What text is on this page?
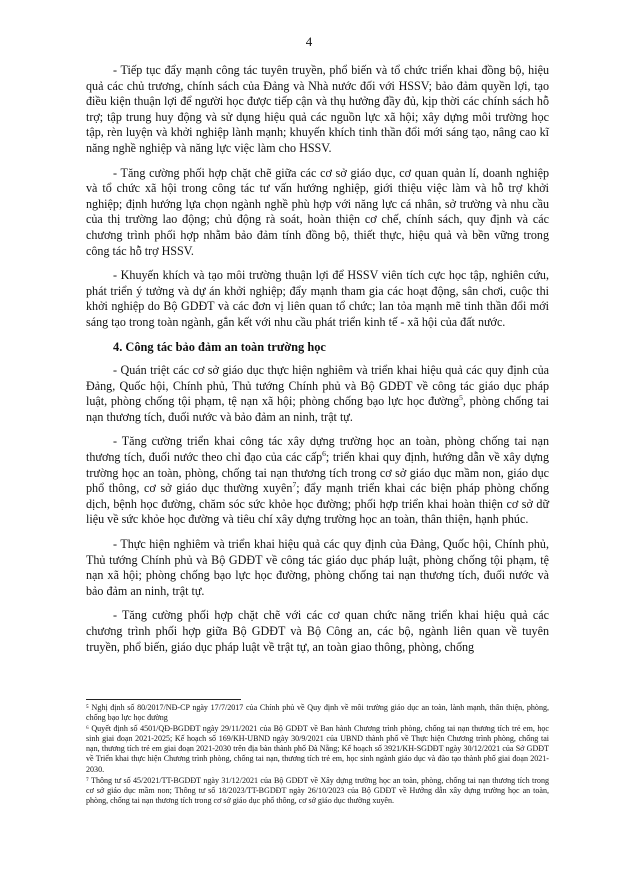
4

- Tiếp tục đẩy mạnh công tác tuyên truyền, phổ biến và tổ chức triển khai đồng bộ, hiệu quả các chủ trương, chính sách của Đảng và Nhà nước đối với HSSV; bảo đảm quyền lợi, tạo điều kiện thuận lợi để người học được tiếp cận và thụ hưởng đầy đủ, kịp thời các chính sách hỗ trợ; tập trung huy động và sử dụng hiệu quả các nguồn lực xã hội; xây dựng môi trường học tập, rèn luyện và khởi nghiệp lành mạnh; khuyến khích tinh thần đổi mới sáng tạo, nâng cao kĩ năng nghề nghiệp và năng lực việc làm cho HSSV.

- Tăng cường phối hợp chặt chẽ giữa các cơ sở giáo dục, cơ quan quản lí, doanh nghiệp và tổ chức xã hội trong công tác tư vấn hướng nghiệp, giới thiệu việc làm và hỗ trợ khởi nghiệp; định hướng lựa chọn ngành nghề phù hợp với năng lực cá nhân, sở trường và nhu cầu của thị trường lao động; chủ động rà soát, hoàn thiện cơ chế, chính sách, quy định và các chương trình phối hợp nhằm bảo đảm tính đồng bộ, thiết thực, hiệu quả và bền vững trong công tác hỗ trợ HSSV.

- Khuyến khích và tạo môi trường thuận lợi để HSSV viên tích cực học tập, nghiên cứu, phát triển ý tưởng và dự án khởi nghiệp; đẩy mạnh tham gia các hoạt động, sân chơi, cuộc thi khởi nghiệp do Bộ GDĐT và các đơn vị liên quan tổ chức; lan tỏa mạnh mẽ tinh thần đổi mới sáng tạo trong toàn ngành, gắn kết với nhu cầu phát triển kinh tế - xã hội của đất nước.

4. Công tác bảo đảm an toàn trường học

- Quán triệt các cơ sở giáo dục thực hiện nghiêm và triển khai hiệu quả các quy định của Đảng, Quốc hội, Chính phủ, Thủ tướng Chính phủ và Bộ GDĐT về công tác giáo dục pháp luật, phòng chống tội phạm, tệ nạn xã hội; phòng chống bạo lực học đường$^5$, phòng chống tai nạn thương tích, đuối nước và bảo đảm an ninh, trật tự.

- Tăng cường triển khai công tác xây dựng trường học an toàn, phòng chống tai nạn thương tích, đuối nước theo chỉ đạo của các cấp$^6$; triển khai quy định, hướng dẫn về xây dựng trường học an toàn, phòng, chống tai nạn thương tích trong cơ sở giáo dục mầm non, giáo dục phổ thông, cơ sở giáo dục thường xuyên$^7$; đẩy mạnh triển khai các biện pháp phòng chống dịch, bệnh học đường, chăm sóc sức khỏe học đường; phối hợp triển khai hoàn thiện cơ sở dữ liệu về sức khỏe học đường và tiêu chí xây dựng trường học an toàn, thân thiện, hạnh phúc.

- Thực hiện nghiêm và triển khai hiệu quả các quy định của Đảng, Quốc hội, Chính phủ, Thủ tướng Chính phủ và Bộ GDĐT về công tác giáo dục pháp luật, phòng chống tội phạm, tệ nạn xã hội; phòng chống bạo lực học đường, phòng chống tai nạn thương tích, đuối nước và bảo đảm an ninh, trật tự.

- Tăng cường phối hợp chặt chẽ với các cơ quan chức năng triển khai hiệu quả các chương trình phối hợp giữa Bộ GDĐT và Bộ Công an, các bộ, ngành liên quan về tuyên truyền, phổ biến, giáo dục pháp luật về trật tự, an toàn giao thông, phòng, chống

⁵ Nghị định số 80/2017/NĐ-CP ngày 17/7/2017 của Chính phủ về Quy định về môi trường giáo dục an toàn, lành mạnh, thân thiện, phòng, chống bạo lực học đường

⁶ Quyết định số 4501/QĐ-BGDĐT ngày 29/11/2021 của Bộ GDĐT về Ban hành Chương trình phòng, chống tai nạn thương tích trẻ em, học sinh giai đoạn 2021-2025; Kế hoạch số 169/KH-UBND ngày 30/9/2021 của UBND thành phố về Thực hiện Chương trình phòng, chống tai nạn, thương tích trẻ em giai đoạn 2021-2030 trên địa bàn thành phố Đà Nẵng; Kế hoạch số 3921/KH-SGDĐT ngày 30/12/2021 của Sở GDĐT về Triển khai thực hiện Chương trình phòng, chống tai nạn, thương tích trẻ em, học sinh ngành giáo dục và đào tạo thành phố giai đoạn 2021-2030.

⁷ Thông tư số 45/2021/TT-BGDĐT ngày 31/12/2021 của Bộ GDĐT về Xây dựng trường học an toàn, phòng, chống tai nạn thương tích trong cơ sở giáo dục mầm non; Thông tư số 18/2023/TT-BGDĐT ngày 26/10/2023 của Bộ GDĐT về Hướng dẫn xây dựng trường học an toàn, phòng, chống tai nạn thương tích trong cơ sở giáo dục phổ thông, cơ sở giáo dục thường xuyên.
